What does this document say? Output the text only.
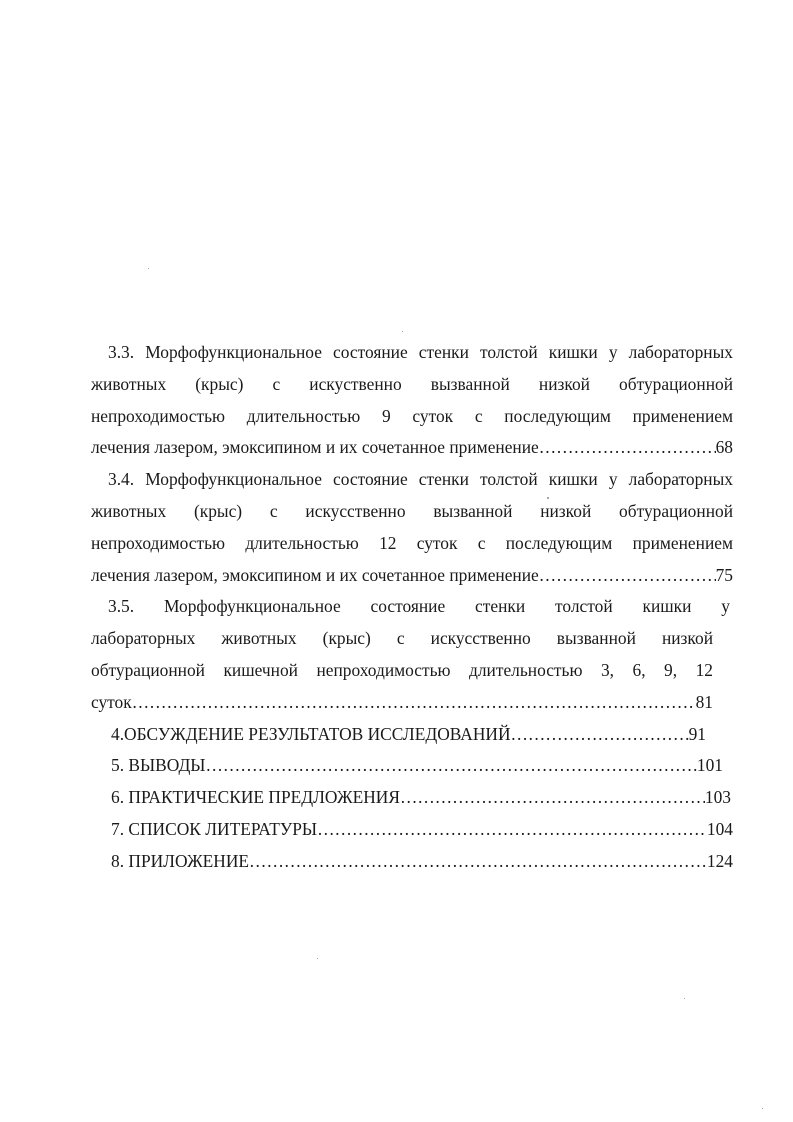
3.3. Морфофункциональное состояние стенки толстой кишки у лабораторных
животных (крыс) с искуственно вызванной низкой обтурационной
непроходимостью длительностью 9 суток с последующим применением
лечения лазером, эмоксипином и их сочетанное применение ……………………………………………………………………………………………………………………………………………………………………………………………………	68
3.4. Морфофункциональное состояние стенки толстой кишки у лабораторных
животных (крыс) с искусственно вызванной низкой обтурационной
непроходимостью длительностью 12 суток с последующим применением
лечения лазером, эмоксипином и их сочетанное применение ……………………………………………………………………………………………………………………………………………………………………………………………………	75
3.5. Морфофункциональное состояние стенки толстой кишки у
лабораторных животных (крыс) с искусственно вызванной низкой
обтурационной кишечной непроходимостью длительностью 3, 6, 9, 12
суток ……………………………………………………………………………………………………………………………………………………………………………………………………	81
4.ОБСУЖДЕНИЕ РЕЗУЛЬТАТОВ ИССЛЕДОВАНИЙ ……………………………………………………………………………………………………………………………………………………………………………………………………	91
5. ВЫВОДЫ ……………………………………………………………………………………………………………………………………………………………………………………………………	101
6. ПРАКТИЧЕСКИЕ ПРЕДЛОЖЕНИЯ ……………………………………………………………………………………………………………………………………………………………………………………………………	103
7. СПИСОК ЛИТЕРАТУРЫ ……………………………………………………………………………………………………………………………………………………………………………………………………	104
8. ПРИЛОЖЕНИЕ ……………………………………………………………………………………………………………………………………………………………………………………………………	124
